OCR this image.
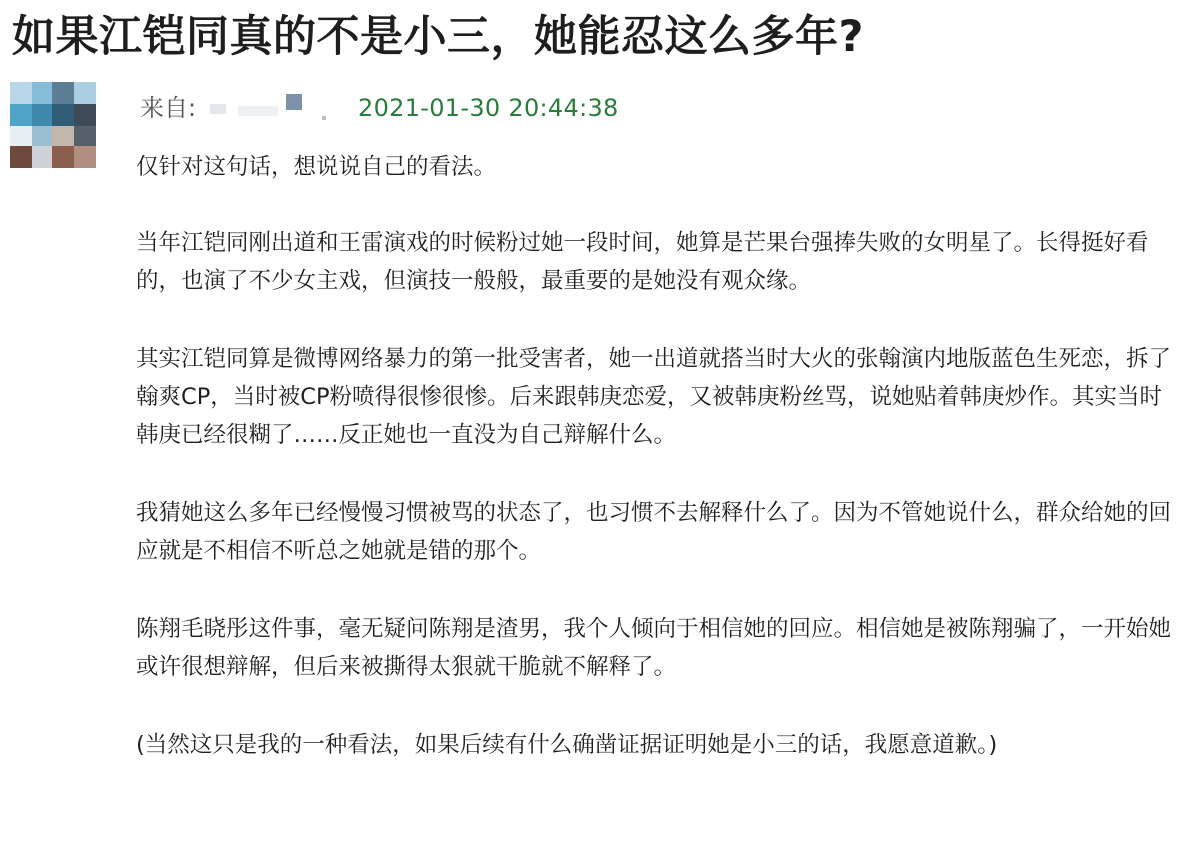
如果江铠同真的不是小三，她能忍这么多年?
来自:	2021-01-30 20:44:38

仅针对这句话，想说说自己的看法。

当年江铠同刚出道和王雷演戏的时候粉过她一段时间，她算是芒果台强捧失败的女明星了。长得挺好看的，也演了不少女主戏，但演技一般般，最重要的是她没有观众缘。

其实江铠同算是微博网络暴力的第一批受害者，她一出道就搭当时大火的张翰演内地版蓝色生死恋，拆了翰爽CP，当时被CP粉喷得很惨很惨。后来跟韩庚恋爱，又被韩庚粉丝骂，说她贴着韩庚炒作。其实当时韩庚已经很糊了……反正她也一直没为自己辩解什么。

我猜她这么多年已经慢慢习惯被骂的状态了，也习惯不去解释什么了。因为不管她说什么，群众给她的回应就是不相信不听总之她就是错的那个。

陈翔毛晓彤这件事，毫无疑问陈翔是渣男，我个人倾向于相信她的回应。相信她是被陈翔骗了，一开始她或许很想辩解，但后来被撕得太狠就干脆就不解释了。

(当然这只是我的一种看法，如果后续有什么确凿证据证明她是小三的话，我愿意道歉。)
